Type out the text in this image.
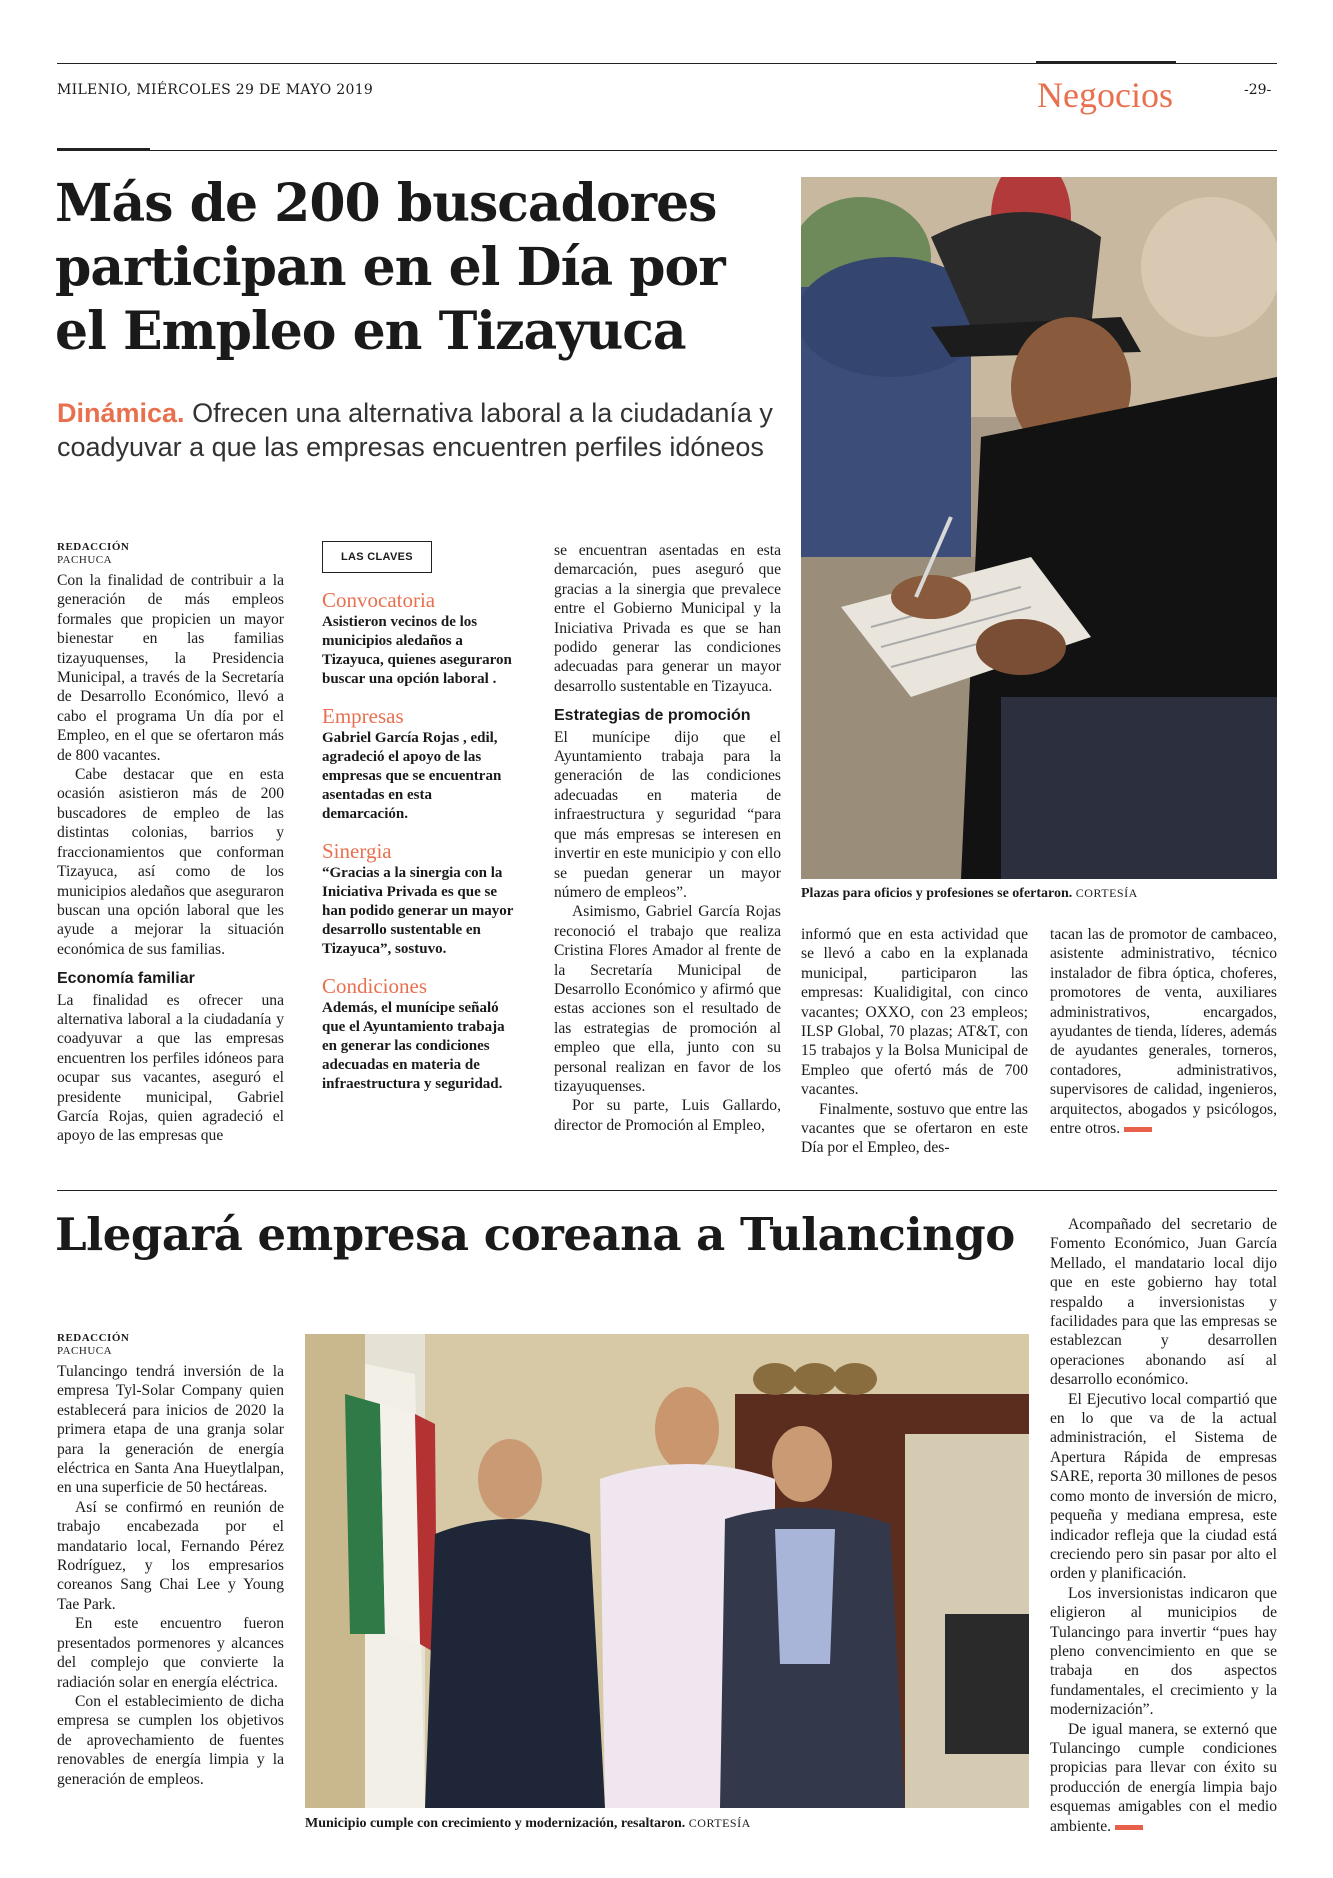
MILENIO, MIÉRCOLES 29 DE MAYO 2019	Negocios	-29-
Más de 200 buscadores
participan en el Día por
el Empleo en Tizayuca
Dinámica. Ofrecen una alternativa laboral a la ciudadanía y coadyuvar a que las empresas encuentren perfiles idóneos
Plazas para oficios y profesiones se ofertaron. CORTESÍA
REDACCIÓN
PACHUCA

Con la finalidad de contribuir a la generación de más empleos formales que propicien un mayor bienestar en las familias tizayuquenses, la Presidencia Municipal, a través de la Secretaría de Desarrollo Económico, llevó a cabo el programa Un día por el Empleo, en el que se ofertaron más de 800 vacantes.

Cabe destacar que en esta ocasión asistieron más de 200 buscadores de empleo de las distintas colonias, barrios y fraccionamientos que conforman Tizayuca, así como de los municipios aledaños que aseguraron buscan una opción laboral que les ayude a mejorar la situación económica de sus familias.

Economía familiar

La finalidad es ofrecer una alternativa laboral a la ciudadanía y coadyuvar a que las empresas encuentren los perfiles idóneos para ocupar sus vacantes, aseguró el presidente municipal, Gabriel García Rojas, quien agradeció el apoyo de las empresas que

LAS CLAVES
Convocatoria
Asistieron vecinos de los municipios aledaños a Tizayuca, quienes aseguraron buscar una opción laboral .
Empresas
Gabriel García Rojas , edil, agradeció el apoyo de las empresas que se encuentran asentadas en esta demarcación.
Sinergia
“Gracias a la sinergia con la Iniciativa Privada es que se han podido generar un mayor desarrollo sustentable en Tizayuca”, sostuvo.
Condiciones
Además, el munícipe señaló que el Ayuntamiento trabaja en generar las condiciones adecuadas en materia de infraestructura y seguridad.

se encuentran asentadas en esta demarcación, pues aseguró que gracias a la sinergia que prevalece entre el Gobierno Municipal y la Iniciativa Privada es que se han podido generar las condiciones adecuadas para generar un mayor desarrollo sustentable en Tizayuca.

Estrategias de promoción

El munícipe dijo que el Ayuntamiento trabaja para la generación de las condiciones adecuadas en materia de infraestructura y seguridad “para que más empresas se interesen en invertir en este municipio y con ello se puedan generar un mayor número de empleos”.

Asimismo, Gabriel García Rojas reconoció el trabajo que realiza Cristina Flores Amador al frente de la Secretaría Municipal de Desarrollo Económico y afirmó que estas acciones son el resultado de las estrategias de promoción al empleo que ella, junto con su personal realizan en favor de los tizayuquenses.

Por su parte, Luis Gallardo, director de Promoción al Empleo,

informó que en esta actividad que se llevó a cabo en la explanada municipal, participaron las empresas: Kualidigital, con cinco vacantes; OXXO, con 23 empleos; ILSP Global, 70 plazas; AT&T, con 15 trabajos y la Bolsa Municipal de Empleo que ofertó más de 700 vacantes.

Finalmente, sostuvo que entre las vacantes que se ofertaron en este Día por el Empleo, des-

tacan las de promotor de cambaceo, asistente administrativo, técnico instalador de fibra óptica, choferes, promotores de venta, auxiliares administrativos, encargados, ayudantes de tienda, líderes, además de ayudantes generales, torneros, contadores, administrativos, supervisores de calidad, ingenieros, arquitectos, abogados y psicólogos, entre otros.

Llegará empresa coreana a Tulancingo
REDACCIÓN
PACHUCA

Tulancingo tendrá inversión de la empresa Tyl-Solar Company quien establecerá para inicios de 2020 la primera etapa de una granja solar para la generación de energía eléctrica en Santa Ana Hueytlalpan, en una superficie de 50 hectáreas.

Así se confirmó en reunión de trabajo encabezada por el mandatario local, Fernando Pérez Rodríguez, y los empresarios coreanos Sang Chai Lee y Young Tae Park.

En este encuentro fueron presentados pormenores y alcances del complejo que convierte la radiación solar en energía eléctrica.

Con el establecimiento de dicha empresa se cumplen los objetivos de aprovechamiento de fuentes renovables de energía limpia y la generación de empleos.

Municipio cumple con crecimiento y modernización, resaltaron. CORTESÍA

Acompañado del secretario de Fomento Económico, Juan García Mellado, el mandatario local dijo que en este gobierno hay total respaldo a inversionistas y facilidades para que las empresas se establezcan y desarrollen operaciones abonando así al desarrollo económico.

El Ejecutivo local compartió que en lo que va de la actual administración, el Sistema de Apertura Rápida de empresas SARE, reporta 30 millones de pesos como monto de inversión de micro, pequeña y mediana empresa, este indicador refleja que la ciudad está creciendo pero sin pasar por alto el orden y planificación.

Los inversionistas indicaron que eligieron al municipios de Tulancingo para invertir “pues hay pleno convencimiento en que se trabaja en dos aspectos fundamentales, el crecimiento y la modernización”.

De igual manera, se externó que Tulancingo cumple condiciones propicias para llevar con éxito su producción de energía limpia bajo esquemas amigables con el medio ambiente.
